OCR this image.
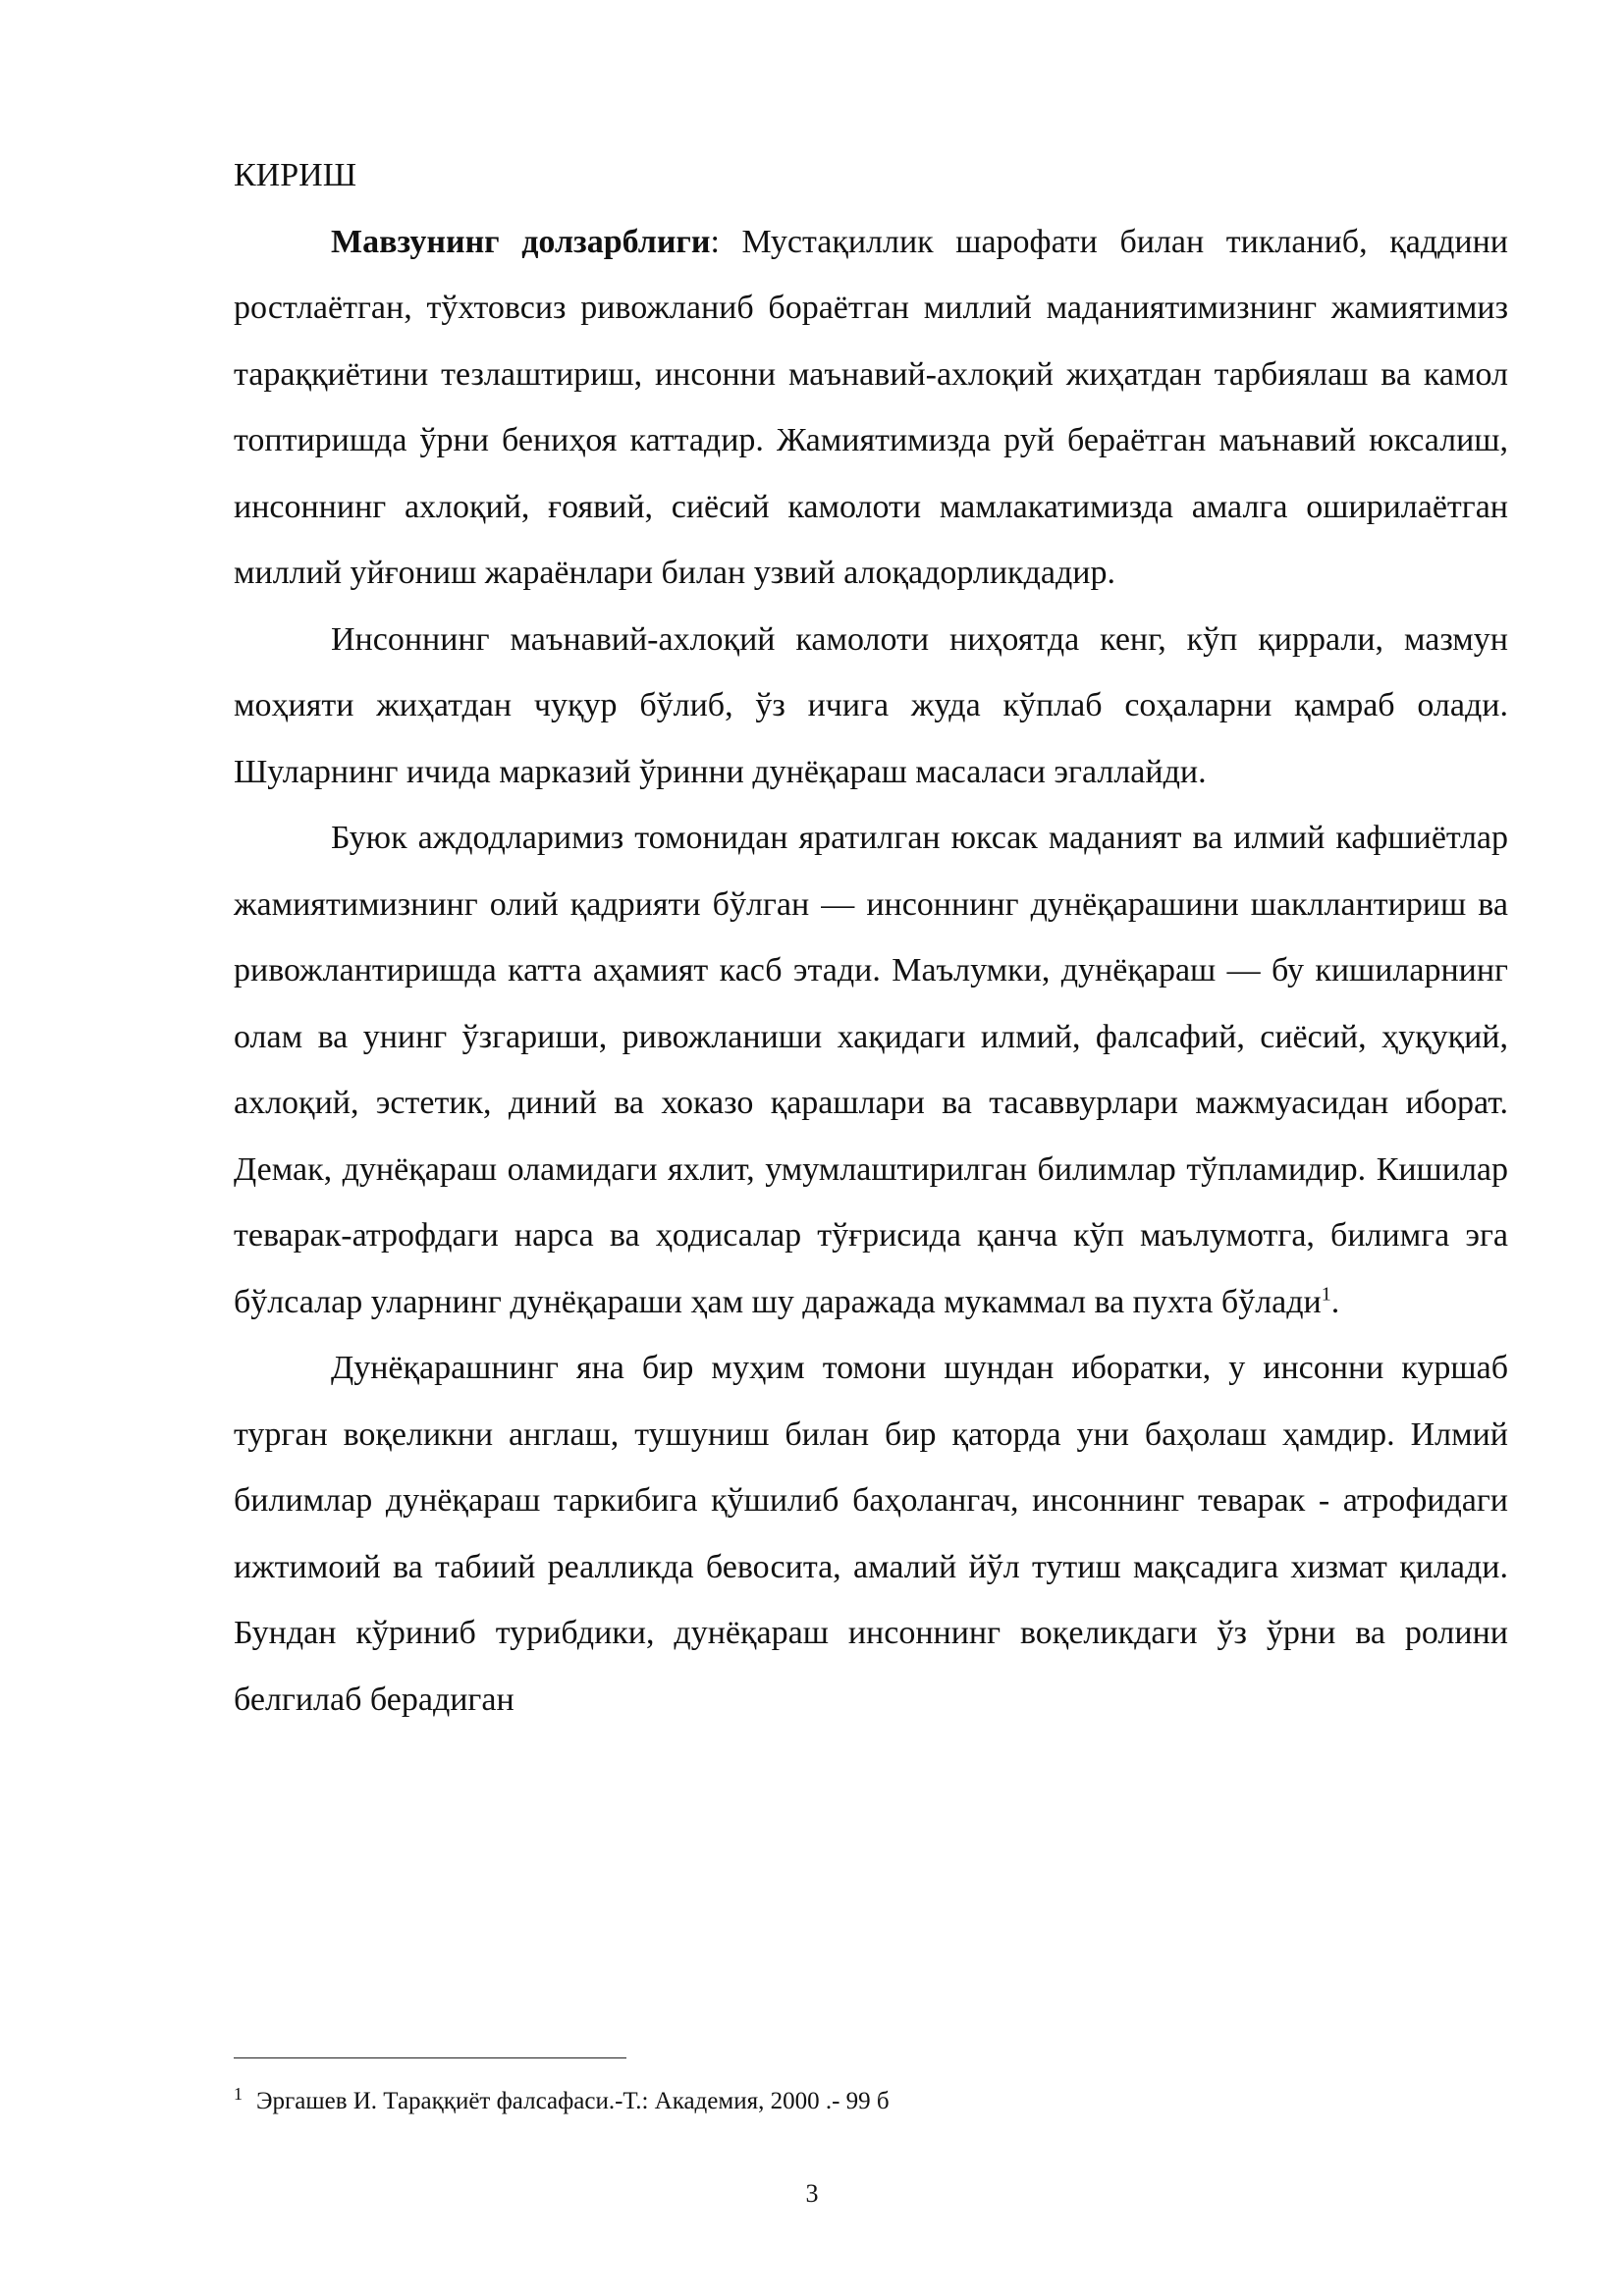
КИРИШ

Мавзунинг долзарблиги: Мустақиллик шарофати билан тикланиб, қаддини ростлаётган, тўхтовсиз ривожланиб бораётган миллий маданиятимизнинг жамиятимиз тараққиётини тезлаштириш, инсонни маънавий-ахлоқий жиҳатдан тарбиялаш ва камол топтиришда ўрни бениҳоя каттадир. Жамиятимизда руй бераётган маънавий юксалиш, инсоннинг ахлоқий, ғоявий, сиёсий камолоти мамлакатимизда амалга оширилаётган миллий уйғониш жараёнлари билан узвий алоқадорликдадир.

Инсоннинг маънавий-ахлоқий камолоти ниҳоятда кенг, кўп қиррали, мазмун моҳияти жиҳатдан чуқур бўлиб, ўз ичига жуда кўплаб соҳаларни қамраб олади. Шуларнинг ичида марказий ўринни дунёқараш масаласи эгаллайди.

Буюк аждодларимиз томонидан яратилган юксак маданият ва илмий кафшиётлар жамиятимизнинг олий қадрияти бўлган — инсоннинг дунёқарашини шакллантириш ва ривожлантиришда катта аҳамият касб этади. Маълумки, дунёқараш — бу кишиларнинг олам ва унинг ўзгариши, ривожланиши хақидаги илмий, фалсафий, сиёсий, ҳуқуқий, ахлоқий, эстетик, диний ва хоказо қарашлари ва тасаввурлари мажмуасидан иборат. Демак, дунёқараш оламидаги яхлит, умумлаштирилган билимлар тўпламидир. Кишилар теварак-атрофдаги нарса ва ҳодисалар тўғрисида қанча кўп маълумотга, билимга эга бўлсалар уларнинг дунёқараши ҳам шу даражада мукаммал ва пухта бўлади$^1$.

Дунёқарашнинг яна бир муҳим томони шундан иборатки, у инсонни куршаб турган воқеликни англаш, тушуниш билан бир қаторда уни баҳолаш ҳамдир. Илмий билимлар дунёқараш таркибига қўшилиб баҳолангач, инсоннинг теварак - атрофидаги ижтимоий ва табиий реалликда бевосита, амалий йўл тутиш мақсадига хизмат қилади. Бундан кўриниб турибдики, дунёқараш инсоннинг воқеликдаги ўз ўрни ва ролини белгилаб берадиган

$^1$ Эргашев И. Тараққиёт фалсафаси.-Т.: Академия, 2000 .- 99 б
3
